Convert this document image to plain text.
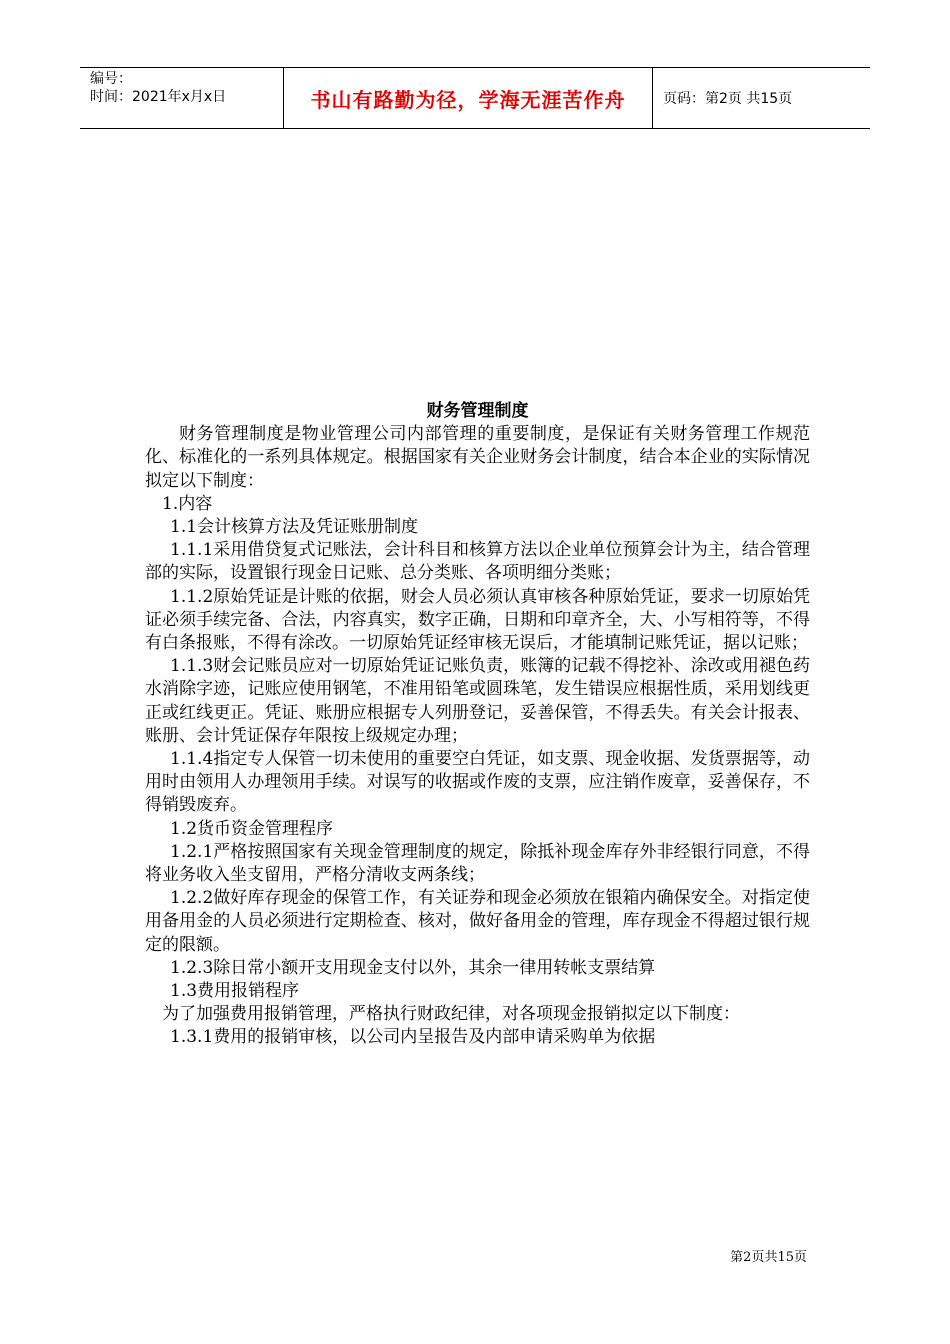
编号：
时间：2021年x月x日	书山有路勤为径，学海无涯苦作舟	页码：第2页 共15页
财务管理制度

财务管理制度是物业管理公司内部管理的重要制度，是保证有关财务管理工作规范化、标准化的一系列具体规定。根据国家有关企业财务会计制度，结合本企业的实际情况拟定以下制度：

1.内容

1.1会计核算方法及凭证账册制度

1.1.1采用借贷复式记账法，会计科目和核算方法以企业单位预算会计为主，结合管理部的实际，设置银行现金日记账、总分类账、各项明细分类账；

1.1.2原始凭证是计账的依据，财会人员必须认真审核各种原始凭证，要求一切原始凭证必须手续完备、合法，内容真实，数字正确，日期和印章齐全，大、小写相符等，不得有白条报账，不得有涂改。一切原始凭证经审核无误后，才能填制记账凭证，据以记账；

1.1.3财会记账员应对一切原始凭证记账负责，账簿的记载不得挖补、涂改或用褪色药水消除字迹，记账应使用钢笔，不准用铅笔或圆珠笔，发生错误应根据性质，采用划线更正或红线更正。凭证、账册应根据专人列册登记，妥善保管，不得丢失。有关会计报表、账册、会计凭证保存年限按上级规定办理；

1.1.4指定专人保管一切未使用的重要空白凭证，如支票、现金收据、发货票据等，动用时由领用人办理领用手续。对误写的收据或作废的支票，应注销作废章，妥善保存，不得销毁废弃。

1.2货币资金管理程序

1.2.1严格按照国家有关现金管理制度的规定，除抵补现金库存外非经银行同意，不得将业务收入坐支留用，严格分清收支两条线；

1.2.2做好库存现金的保管工作，有关证券和现金必须放在银箱内确保安全。对指定使用备用金的人员必须进行定期检查、核对，做好备用金的管理，库存现金不得超过银行规定的限额。

1.2.3除日常小额开支用现金支付以外，其余一律用转帐支票结算

1.3费用报销程序

为了加强费用报销管理，严格执行财政纪律，对各项现金报销拟定以下制度：

1.3.1费用的报销审核，以公司内呈报告及内部申请采购单为依据

第2页共15页
